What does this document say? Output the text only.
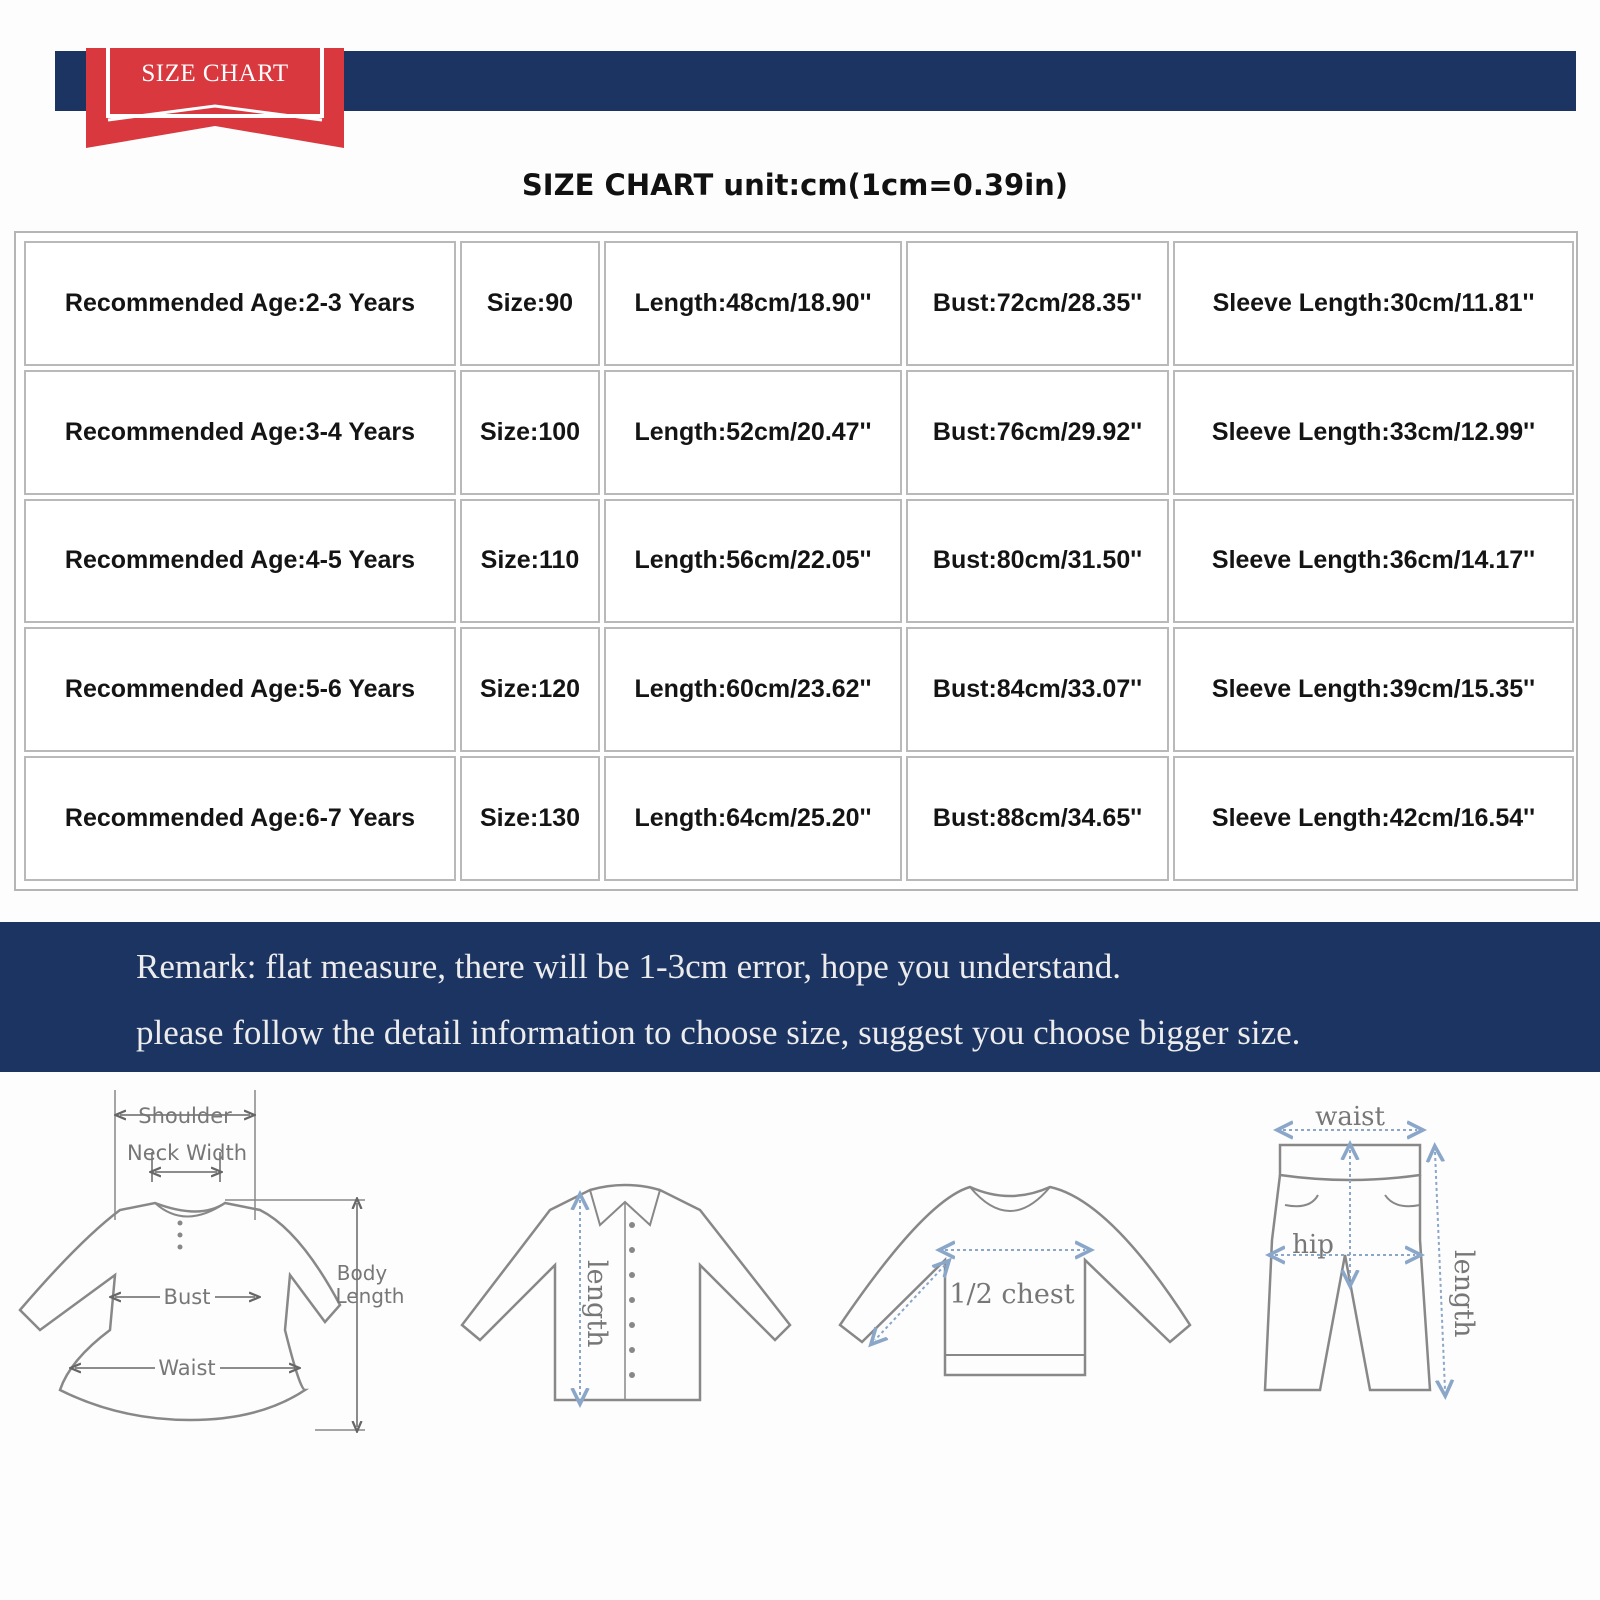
SIZE CHART
SIZE CHART unit:cm(1cm=0.39in)
Recommended Age:2-3 Years	Size:90	Length:48cm/18.90''	Bust:72cm/28.35''	Sleeve Length:30cm/11.81''
Recommended Age:3-4 Years	Size:100	Length:52cm/20.47''	Bust:76cm/29.92''	Sleeve Length:33cm/12.99''
Recommended Age:4-5 Years	Size:110	Length:56cm/22.05''	Bust:80cm/31.50''	Sleeve Length:36cm/14.17''
Recommended Age:5-6 Years	Size:120	Length:60cm/23.62''	Bust:84cm/33.07''	Sleeve Length:39cm/15.35''
Recommended Age:6-7 Years	Size:130	Length:64cm/25.20''	Bust:88cm/34.65''	Sleeve Length:42cm/16.54''
Remark: flat measure, there will be 1-3cm error, hope you understand.
please follow the detail information to choose size, suggest you choose bigger size.
Shoulder
Neck Width
Bust
Waist
Body
Length	length	1/2 chest
waist
hip
length
